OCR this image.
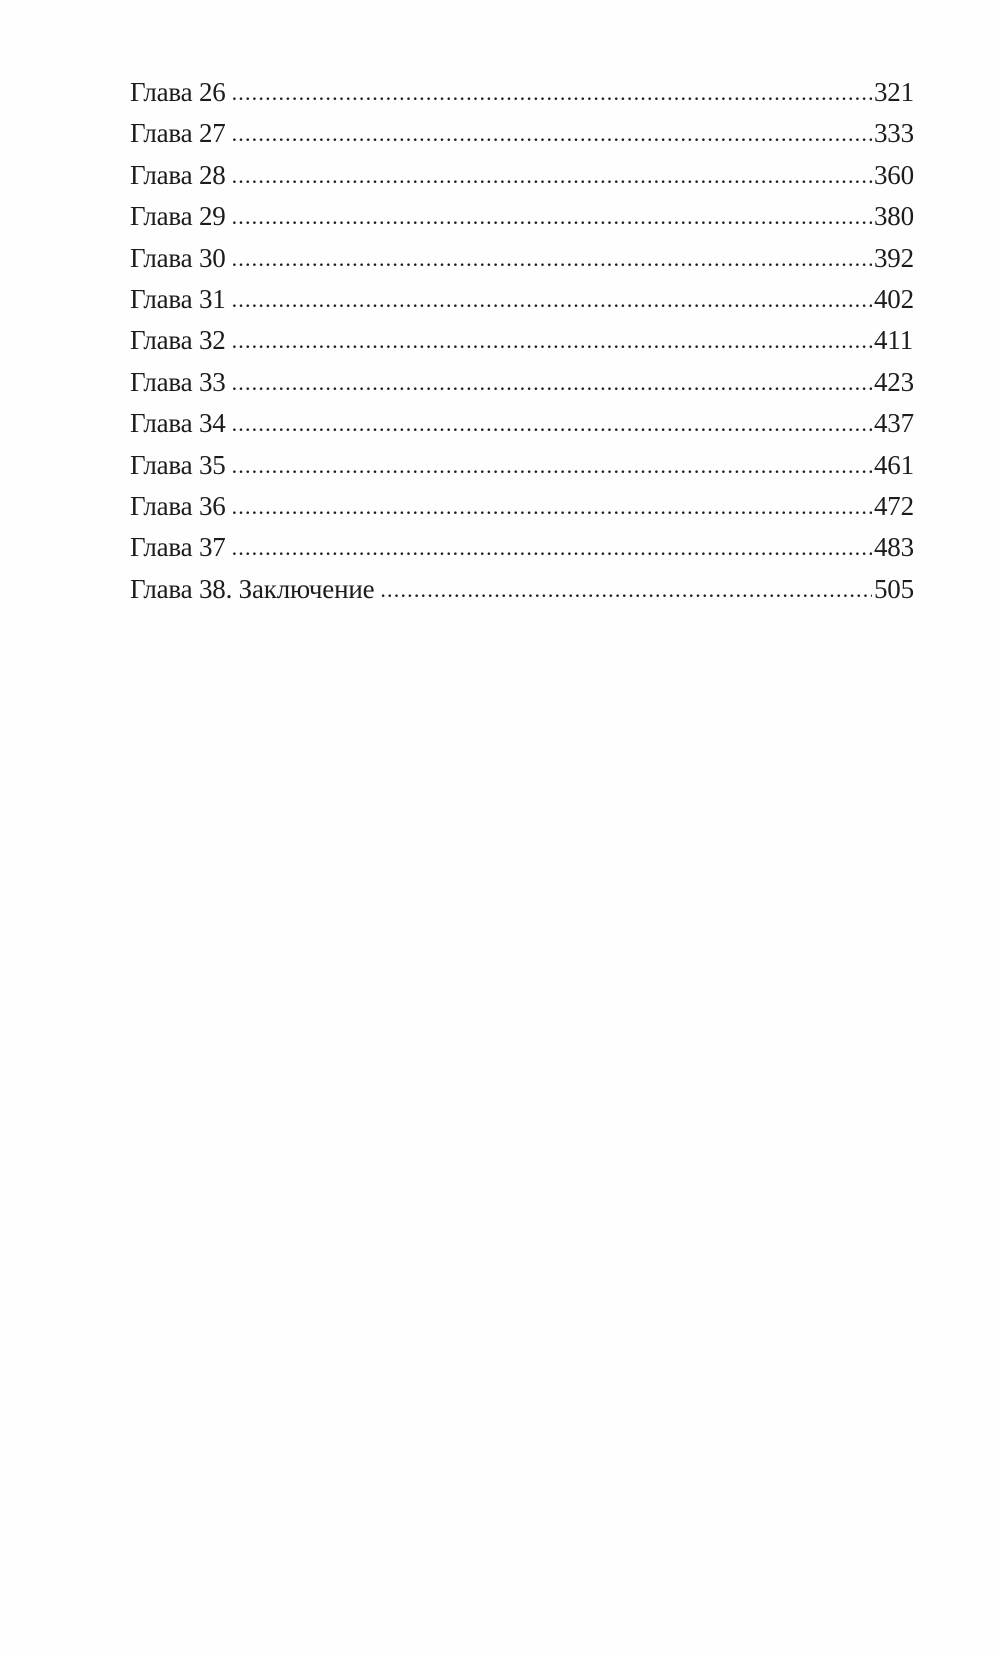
Глава 26 .....	321
Глава 27 .....	333
Глава 28 .....	360
Глава 29 .....	380
Глава 30 .....	392
Глава 31 .....	402
Глава 32 .....	411
Глава 33 .....	423
Глава 34 .....	437
Глава 35 .....	461
Глава 36 .....	472
Глава 37 .....	483
Глава 38. Заключение .....	505
